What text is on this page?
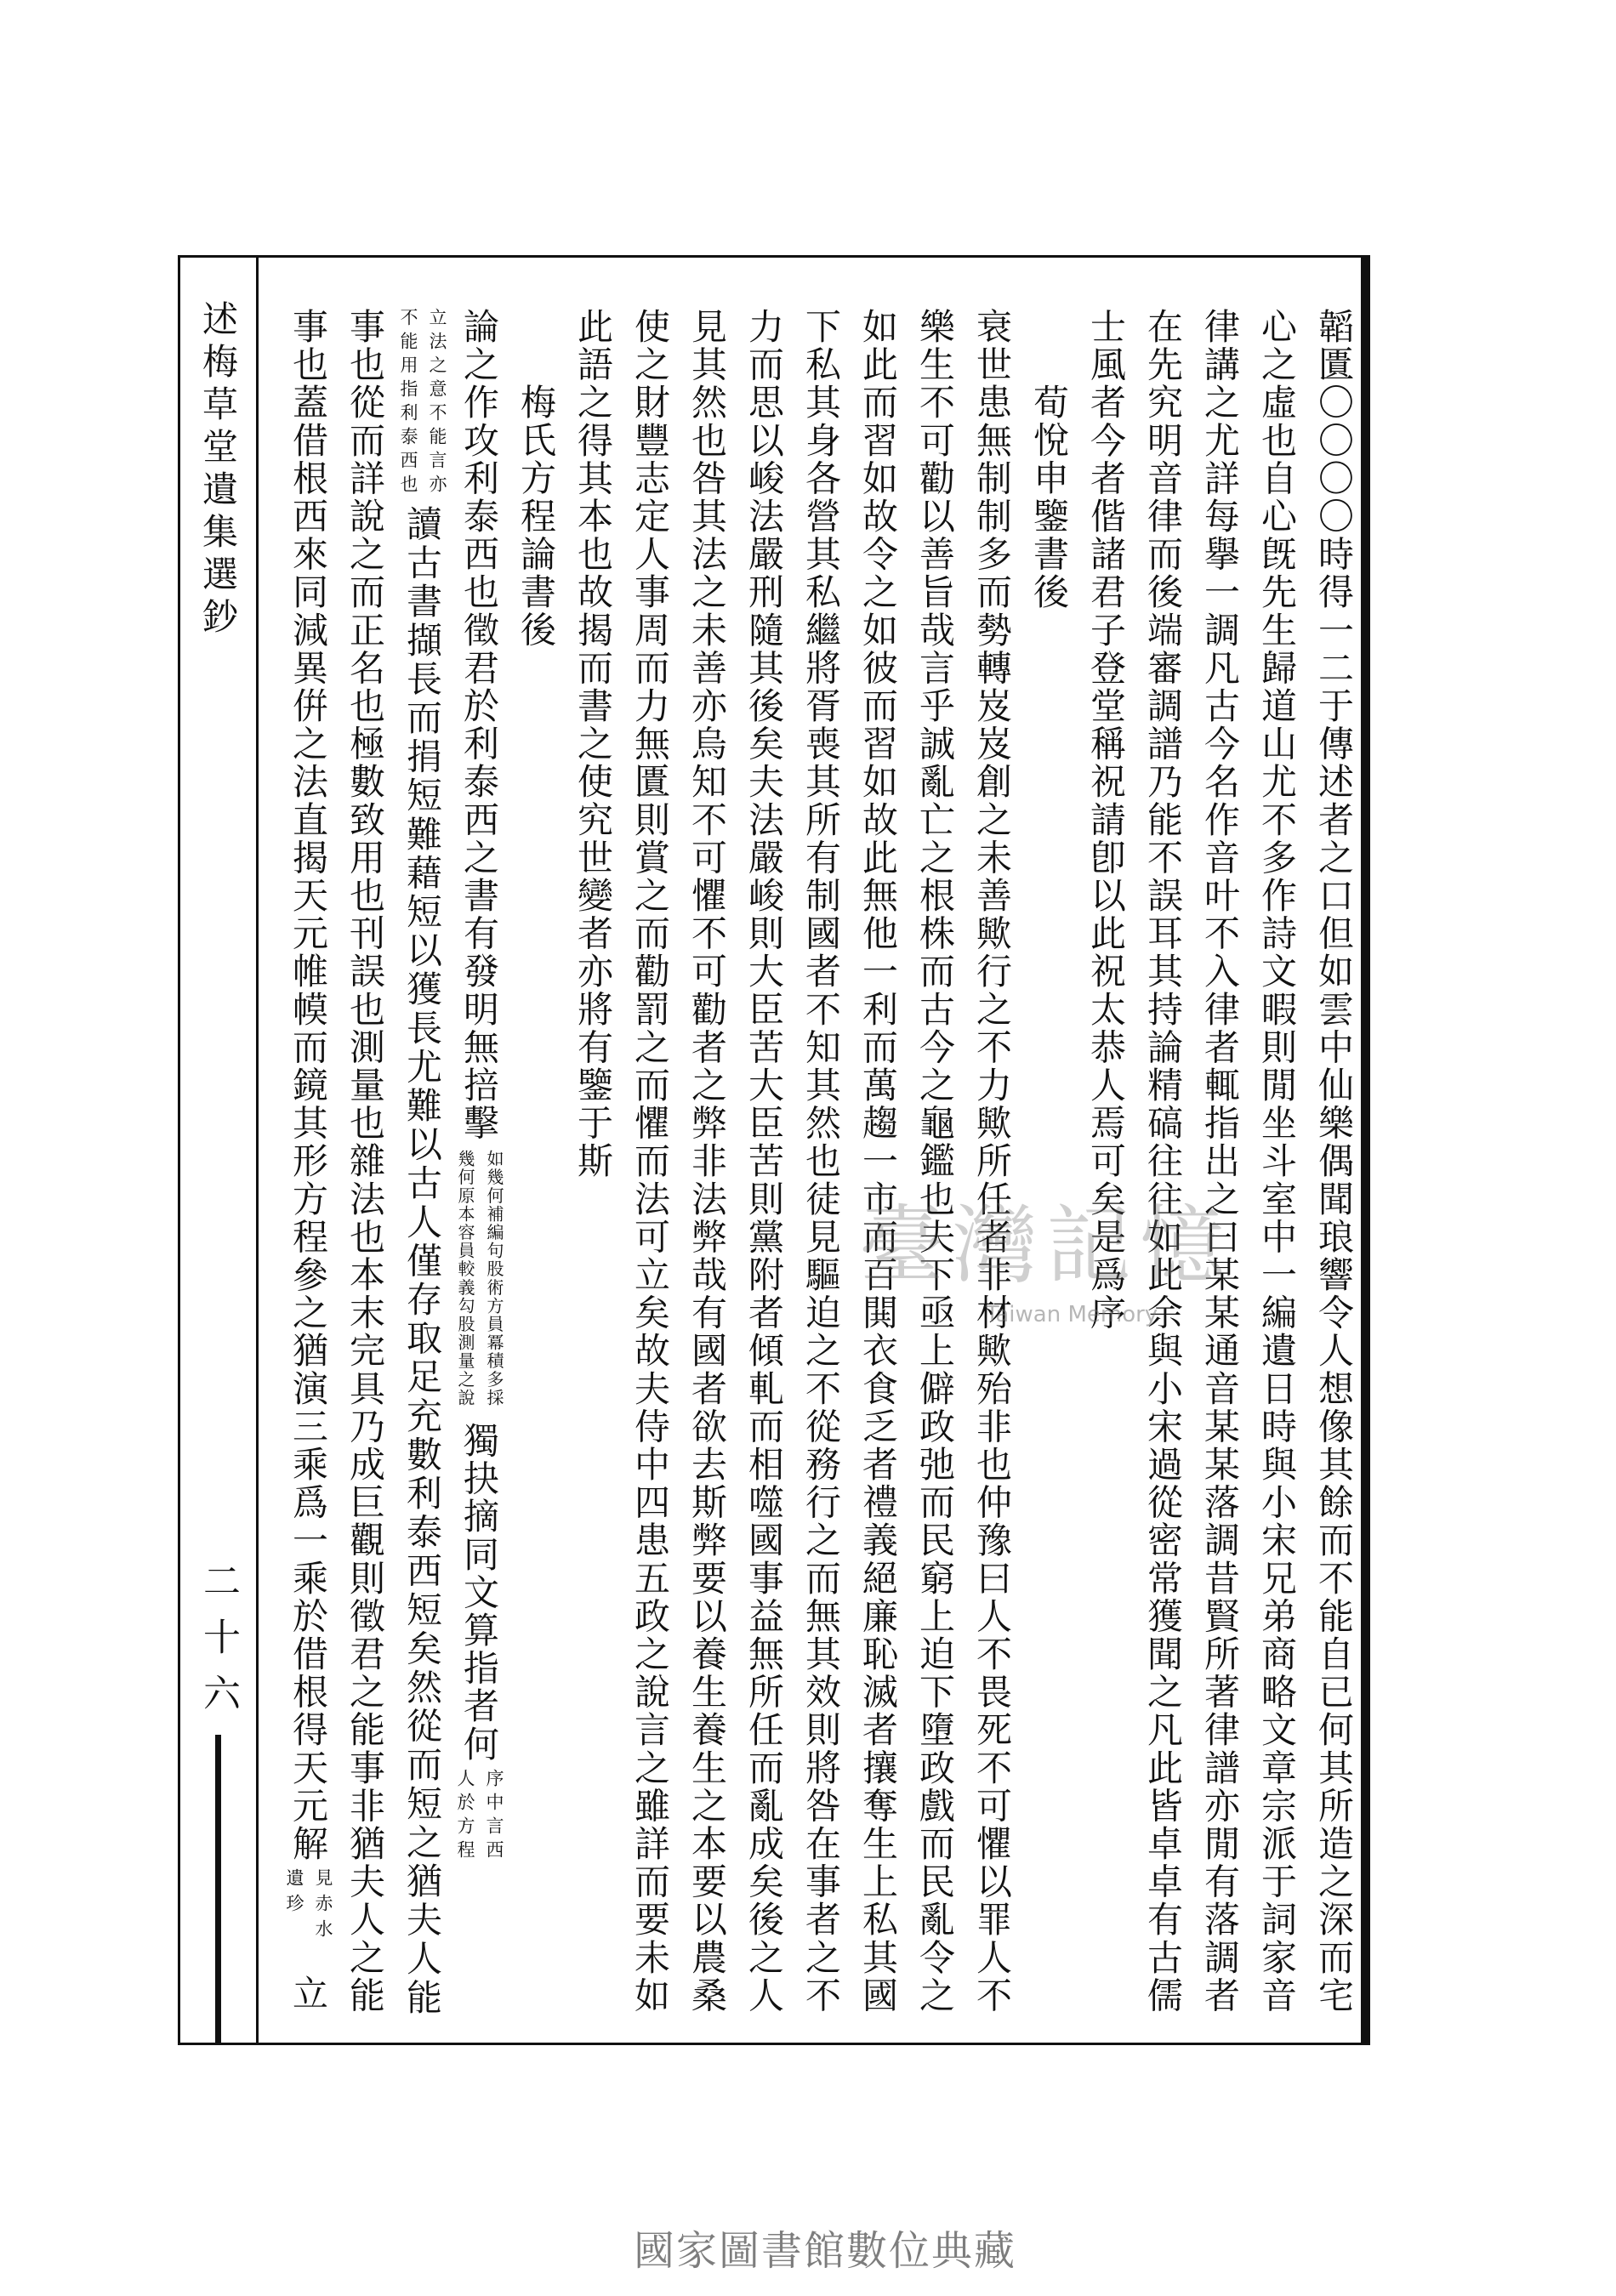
述梅草堂遺集選鈔
二十六	韜匱〇〇〇〇時得一二于傳述者之口但如雲中仙樂偶聞琅響令人想像其餘而不能自已何其所造之深而宅
心之虛也自心旣先生歸道山尤不多作詩文暇則閒坐斗室中一編遺日時與小宋兄弟商略文章宗派于詞家音
律講之尤詳每擧一調凡古今名作音叶不入律者輒指出之曰某某通音某某落調昔賢所著律譜亦閒有落調者
在先究明音律而後端審調譜乃能不誤耳其持論精碻往往如此余與小宋過從密常獲聞之凡此皆卓卓有古儒
士風者今者偕諸君子登堂稱祝請卽以此祝太恭人焉可矣是爲序
荀悅申鑒書後
衰世患無制制多而勢轉岌岌創之未善歟行之不力歟所任者非材歟殆非也仲豫曰人不畏死不可懼以罪人不
樂生不可勸以善旨哉言乎誠亂亡之根株而古今之龜鑑也夫下亟上僻政弛而民窮上迫下墮政戲而民亂令之
如此而習如故令之如彼而習如故此無他一利而萬趨一市而百閧衣食乏者禮義絕廉恥滅者攘奪生上私其國
下私其身各營其私繼將胥喪其所有制國者不知其然也徒見驅迫之不從務行之而無其效則將咎在事者之不
力而思以峻法嚴刑隨其後矣夫法嚴峻則大臣苦大臣苦則黨附者傾軋而相噬國事益無所任而亂成矣後之人
見其然也咎其法之未善亦烏知不可懼不可勸者之弊非法弊哉有國者欲去斯弊要以養生養生之本要以農桑
使之財豐志定人事周而力無匱則賞之而勸罰之而懼而法可立矣故夫侍中四患五政之說言之雖詳而要未如
此語之得其本也故揭而書之使究世變者亦將有鑒于斯
梅氏方程論書後
論之作攻利泰西也徵君於利泰西之書有發明無掊擊
如幾何補編句股術方員冪積多採
幾何原本容員較義勾股測量之說
獨抉摘同文算指者何
序中言西
人於方程
立法之意不能言亦
不能用指利泰西也
讀古書擷長而捐短難藉短以獲長尤難以古人僅存取足充數利泰西短矣然從而短之猶夫人能
事也從而詳說之而正名也極數致用也刊誤也測量也雜法也本末完具乃成巨觀則徵君之能事非猶夫人之能
事也蓋借根西來同減異倂之法直揭天元帷幙而鏡其形方程參之猶演三乘爲一乘於借根得天元解
見赤水
遺珍
立
臺灣記憶
Taiwan Memory
國家圖書館數位典藏
